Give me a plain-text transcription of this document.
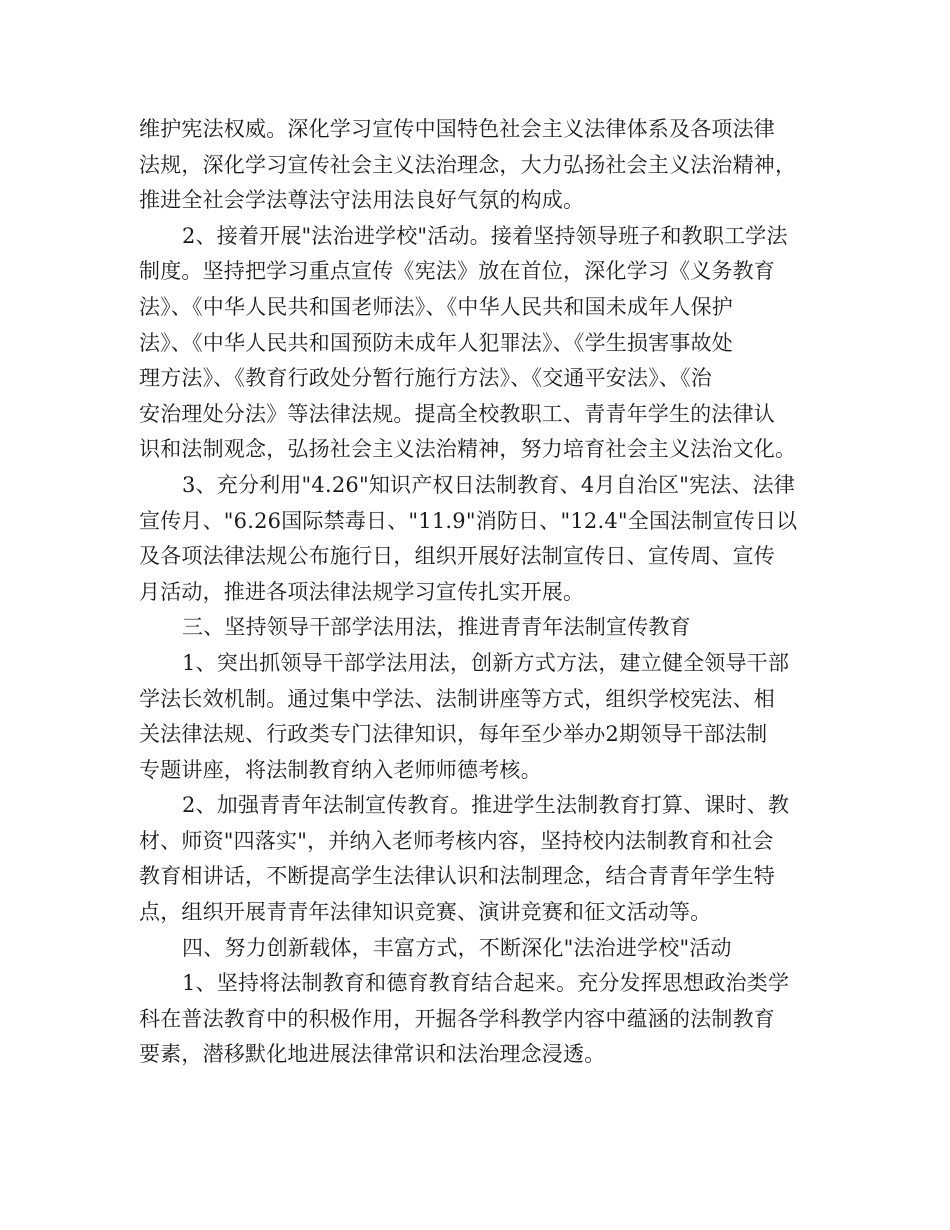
维护宪法权威。深化学习宣传中国特色社会主义法律体系及各项法律
法规，深化学习宣传社会主义法治理念，大力弘扬社会主义法治精神，
推进全社会学法尊法守法用法良好气氛的构成。
2、接着开展"法治进学校"活动。接着坚持领导班子和教职工学法
制度。坚持把学习重点宣传《宪法》放在首位，深化学习《义务教育
法》、《中华人民共和国老师法》、《中华人民共和国未成年人保护
法》、《中华人民共和国预防未成年人犯罪法》、《学生损害事故处
理方法》、《教育行政处分暂行施行方法》、《交通平安法》、《治
安治理处分法》等法律法规。提高全校教职工、青青年学生的法律认
识和法制观念，弘扬社会主义法治精神，努力培育社会主义法治文化。
3、充分利用"4.26"知识产权日法制教育、4月自治区"宪法、法律
宣传月、"6.26国际禁毒日、"11.9"消防日、"12.4"全国法制宣传日以
及各项法律法规公布施行日，组织开展好法制宣传日、宣传周、宣传
月活动，推进各项法律法规学习宣传扎实开展。
三、坚持领导干部学法用法，推进青青年法制宣传教育
1、突出抓领导干部学法用法，创新方式方法，建立健全领导干部
学法长效机制。通过集中学法、法制讲座等方式，组织学校宪法、相
关法律法规、行政类专门法律知识，每年至少举办2期领导干部法制
专题讲座，将法制教育纳入老师师德考核。
2、加强青青年法制宣传教育。推进学生法制教育打算、课时、教
材、师资"四落实"，并纳入老师考核内容，坚持校内法制教育和社会
教育相讲话，不断提高学生法律认识和法制理念，结合青青年学生特
点，组织开展青青年法律知识竞赛、演讲竞赛和征文活动等。
四、努力创新载体，丰富方式，不断深化"法治进学校"活动
1、坚持将法制教育和德育教育结合起来。充分发挥思想政治类学
科在普法教育中的积极作用，开掘各学科教学内容中蕴涵的法制教育
要素，潜移默化地进展法律常识和法治理念浸透。
